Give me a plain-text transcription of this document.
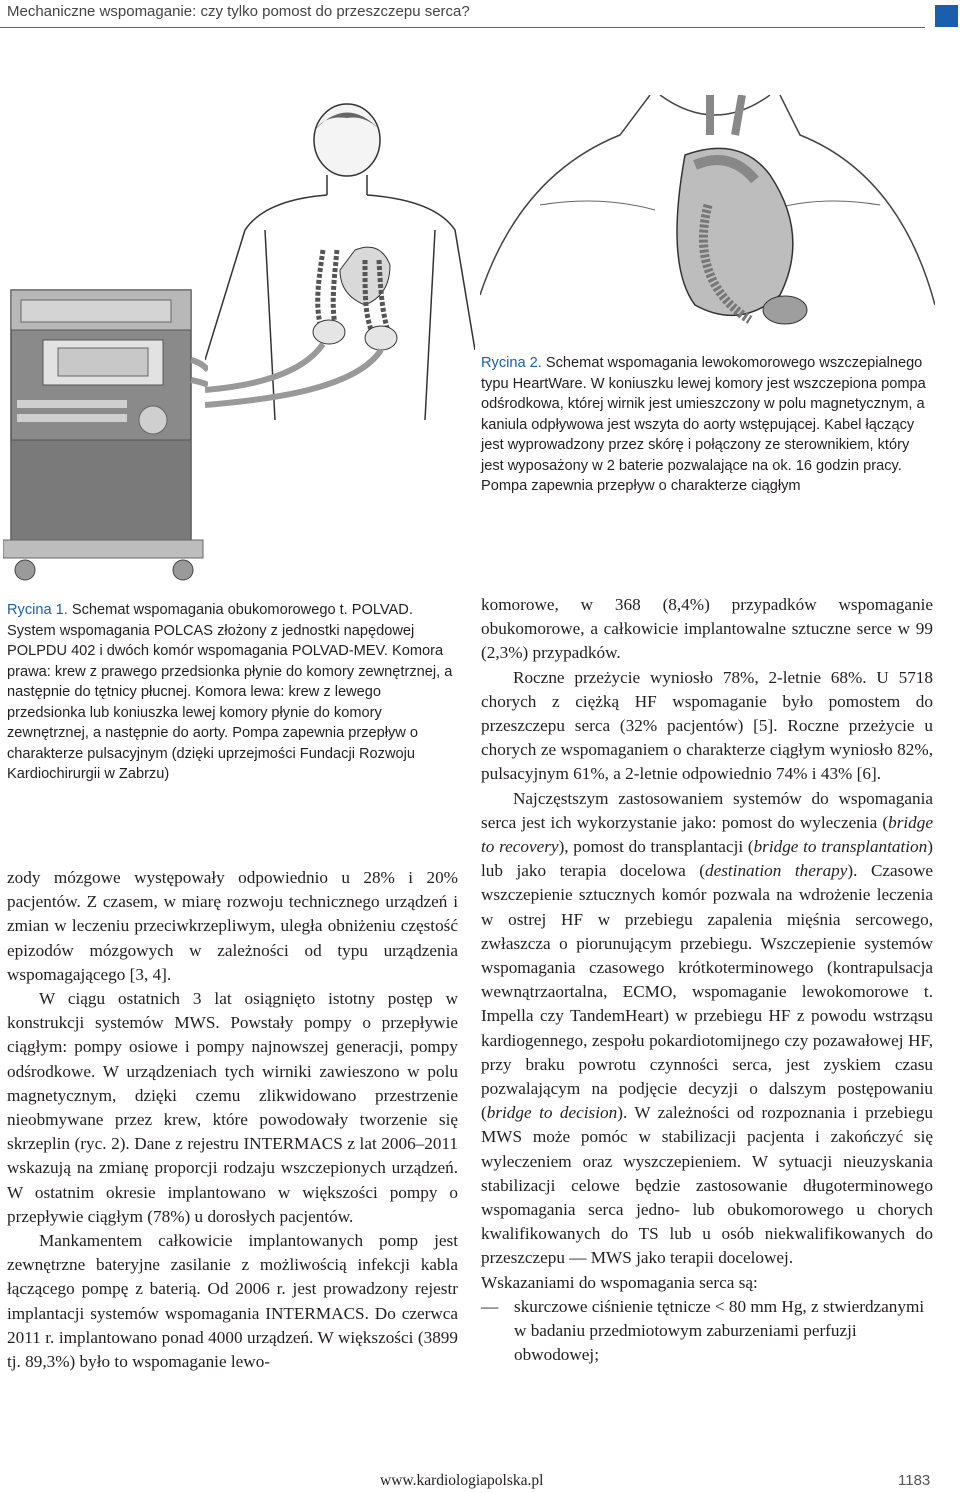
Mechaniczne wspomaganie: czy tylko pomost do przeszczepu serca?
Rycina 2. Schemat wspomagania lewokomorowego wszczepialnego typu HeartWare. W koniuszku lewej komory jest wszczepiona pompa odśrodkowa, której wirnik jest umieszczony w polu magnetycznym, a kaniula odpływowa jest wszyta do aorty wstępującej. Kabel łączący jest wyprowadzony przez skórę i połączony ze sterownikiem, który jest wyposażony w 2 baterie pozwalające na ok. 16 godzin pracy. Pompa zapewnia przepływ o charakterze ciągłym
Rycina 1. Schemat wspomagania obukomorowego t. POLVAD. System wspomagania POLCAS złożony z jednostki napędowej POLPDU 402 i dwóch komór wspomagania POLVAD-MEV. Komora prawa: krew z prawego przedsionka płynie do komory zewnętrznej, a następnie do tętnicy płucnej. Komora lewa: krew z lewego przedsionka lub koniuszka lewej komory płynie do komory zewnętrznej, a następnie do aorty. Pompa zapewnia przepływ o charakterze pulsacyjnym (dzięki uprzejmości Fundacji Rozwoju Kardiochirurgii w Zabrzu)

zody mózgowe występowały odpowiednio u 28% i 20% pacjentów. Z czasem, w miarę rozwoju technicznego urządzeń i zmian w leczeniu przeciwkrzepliwym, uległa obniżeniu częstość epizodów mózgowych w zależności od typu urządzenia wspomagającego [3, 4].

W ciągu ostatnich 3 lat osiągnięto istotny postęp w konstrukcji systemów MWS. Powstały pompy o przepływie ciągłym: pompy osiowe i pompy najnowszej generacji, pompy odśrodkowe. W urządzeniach tych wirniki zawieszono w polu magnetycznym, dzięki czemu zlikwidowano przestrzenie nieobmywane przez krew, które powodowały tworzenie się skrzeplin (ryc. 2). Dane z rejestru INTERMACS z lat 2006–2011 wskazują na zmianę proporcji rodzaju wszczepionych urządzeń. W ostatnim okresie implantowano w większości pompy o przepływie ciągłym (78%) u dorosłych pacjentów.

Mankamentem całkowicie implantowanych pomp jest zewnętrzne bateryjne zasilanie z możliwością infekcji kabla łączącego pompę z baterią. Od 2006 r. jest prowadzony rejestr implantacji systemów wspomagania INTERMACS. Do czerwca 2011 r. implantowano ponad 4000 urządzeń. W większości (3899 tj. 89,3%) było to wspomaganie lewo-

komorowe, w 368 (8,4%) przypadków wspomaganie obukomorowe, a całkowicie implantowalne sztuczne serce w 99 (2,3%) przypadków.

Roczne przeżycie wyniosło 78%, 2-letnie 68%. U 5718 chorych z ciężką HF wspomaganie było pomostem do przeszczepu serca (32% pacjentów) [5]. Roczne przeżycie u chorych ze wspomaganiem o charakterze ciągłym wyniosło 82%, pulsacyjnym 61%, a 2-letnie odpowiednio 74% i 43% [6].

Najczęstszym zastosowaniem systemów do wspomagania serca jest ich wykorzystanie jako: pomost do wyleczenia (bridge to recovery), pomost do transplantacji (bridge to transplantation) lub jako terapia docelowa (destination therapy). Czasowe wszczepienie sztucznych komór pozwala na wdrożenie leczenia w ostrej HF w przebiegu zapalenia mięśnia sercowego, zwłaszcza o piorunującym przebiegu. Wszczepienie systemów wspomagania czasowego krótkoterminowego (kontrapulsacja wewnątrzaortalna, ECMO, wspomaganie lewokomorowe t. Impella czy TandemHeart) w przebiegu HF z powodu wstrząsu kardiogennego, zespołu pokardiotomijnego czy pozawałowej HF, przy braku powrotu czynności serca, jest zyskiem czasu pozwalającym na podjęcie decyzji o dalszym postępowaniu (bridge to decision). W zależności od rozpoznania i przebiegu MWS może pomóc w stabilizacji pacjenta i zakończyć się wyleczeniem oraz wyszczepieniem. W sytuacji nieuzyskania stabilizacji celowe będzie zastosowanie długoterminowego wspomagania serca jedno- lub obukomorowego u chorych kwalifikowanych do TS lub u osób niekwalifikowanych do przeszczepu — MWS jako terapii docelowej.

Wskazaniami do wspomagania serca są:

— skurczowe ciśnienie tętnicze < 80 mm Hg, z stwierdzanymi w badaniu przedmiotowym zaburzeniami perfuzji obwodowej;
www.kardiologiapolska.pl	1183
